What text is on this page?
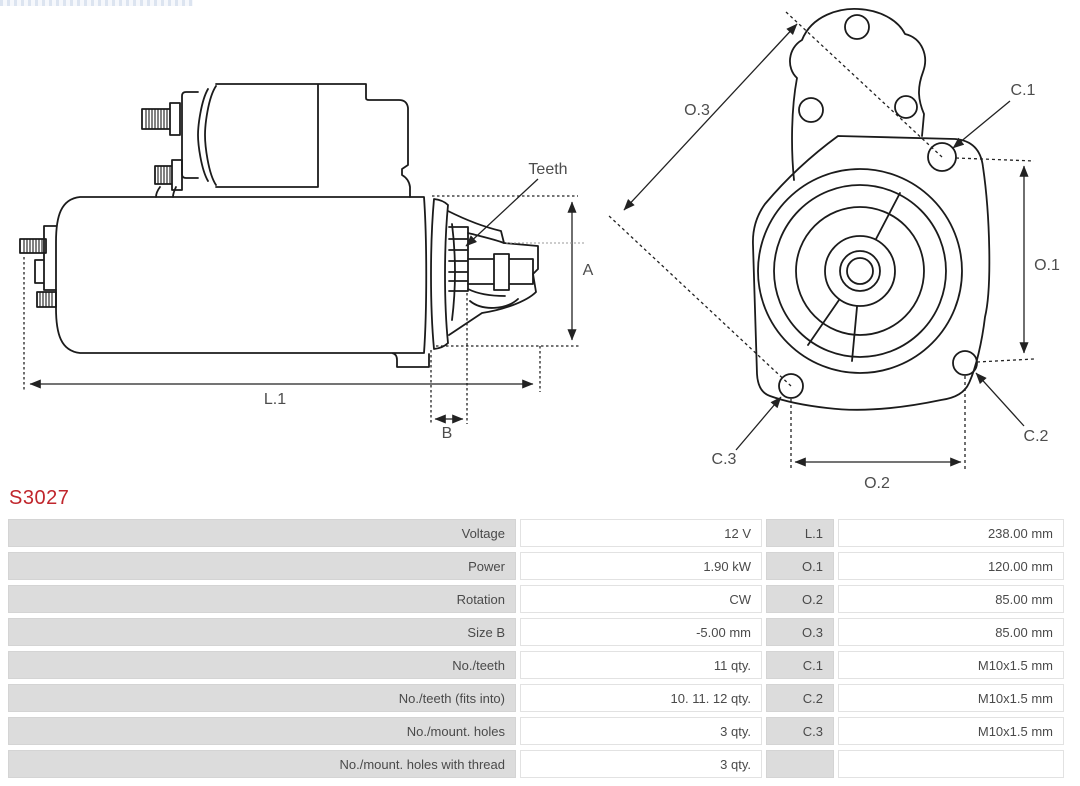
Teeth
A
L.1
B
O.3
O.1
O.2
C.1
C.2
C.3
S3027
Voltage	12 V	L.1	238.00 mm
Power	1.90 kW	O.1	120.00 mm
Rotation	CW	O.2	85.00 mm
Size B	-5.00 mm	O.3	85.00 mm
No./teeth	11 qty.	C.1	M10x1.5 mm
No./teeth (fits into)	10. 11. 12 qty.	C.2	M10x1.5 mm
No./mount. holes	3 qty.	C.3	M10x1.5 mm
No./mount. holes with thread	3 qty.
